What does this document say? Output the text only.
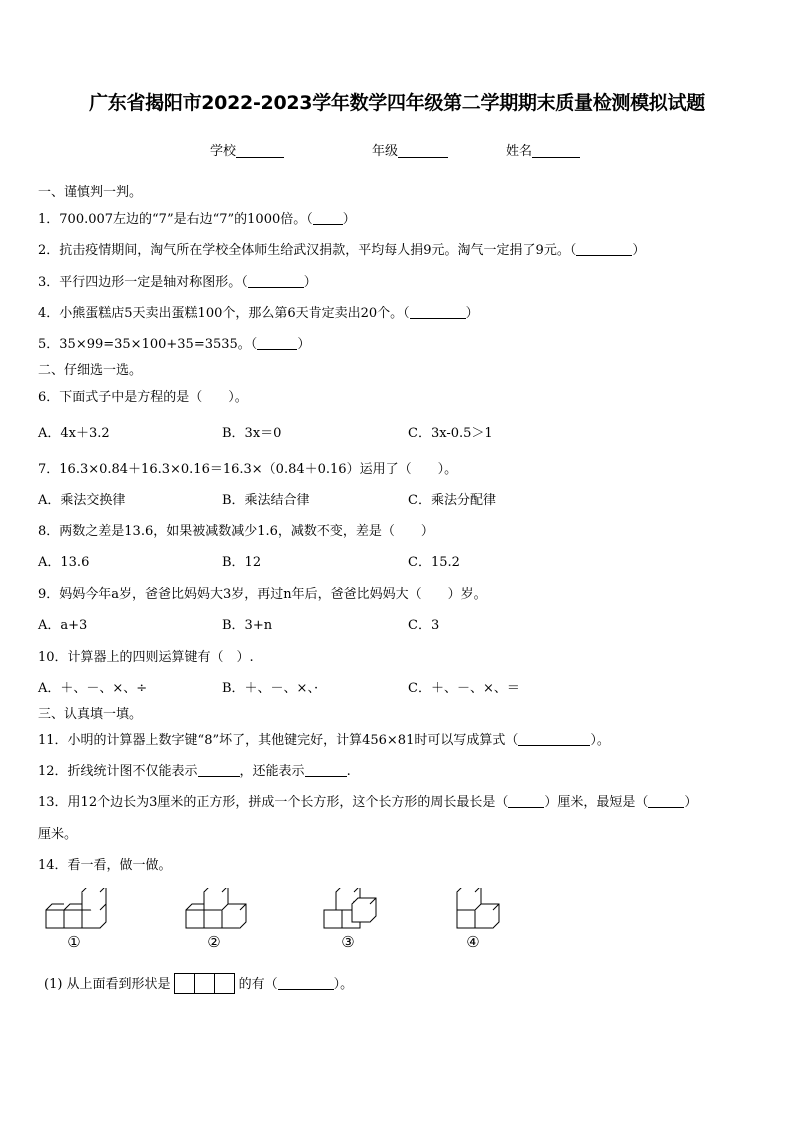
广东省揭阳市2022-2023学年数学四年级第二学期期末质量检测模拟试题
学校	年级	姓名
一、谨慎判一判。
1．700.007左边的“7”是右边“7”的1000倍。（ ）
2．抗击疫情期间，淘气所在学校全体师生给武汉捐款，平均每人捐9元。淘气一定捐了9元。（	）
3．平行四边形一定是轴对称图形。（	）
4．小熊蛋糕店5天卖出蛋糕100个，那么第6天肯定卖出20个。（	）
5．35×99=35×100+35=3535。（	）
二、仔细选一选。
6．下面式子中是方程的是（　　）。
A．4x＋3.2	B．3x＝0	C．3x-0.5＞1
7．16.3×0.84＋16.3×0.16＝16.3×（0.84＋0.16）运用了（　　）。
A．乘法交换律	B．乘法结合律	C．乘法分配律
8．两数之差是13.6，如果被减数减少1.6，减数不变，差是（　　）
A．13.6	B．12	C．15.2
9．妈妈今年a岁，爸爸比妈妈大3岁，再过n年后，爸爸比妈妈大（　　）岁。
A．a+3	B．3+n	C．3
10．计算器上的四则运算键有（　）.
A．＋、－、×、÷	B．＋、－、×、·	C．＋、－、×、＝
三、认真填一填。
11．小明的计算器上数字键“8”坏了，其他键完好，计算456×81时可以写成算式（	）。
12．折线统计图不仅能表示	，还能表示	.
13．用12个边长为3厘米的正方形，拼成一个长方形，这个长方形的周长最长是（	）厘米，最短是（	）
厘米。
14．看一看，做一做。
①	②	③	④
(1) 从上面看到形状是	的有（	）。
